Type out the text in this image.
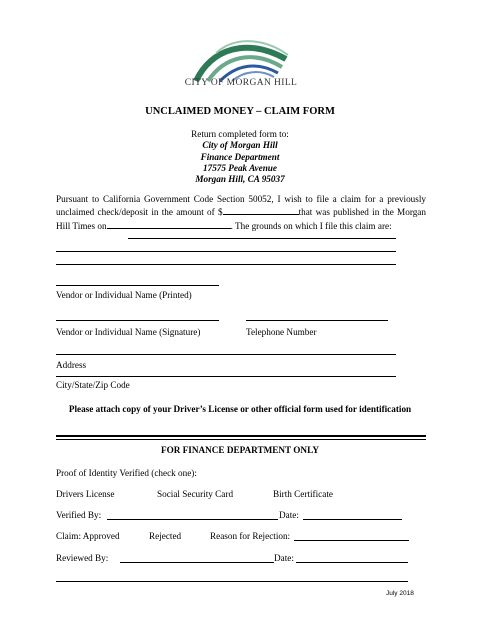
CITY OF MORGAN HILL
UNCLAIMED MONEY – CLAIM FORM
Return completed form to:
City of Morgan Hill
Finance Department
17575 Peak Avenue
Morgan Hill, CA 95037
Pursuant to California Government Code Section 50052, I wish to file a claim for a previously unclaimed check/deposit in the amount of $	that was published in the Morgan Hill Times on	. The grounds on which I file this claim are:
Vendor or Individual Name (Printed)
Vendor or Individual Name (Signature)	Telephone Number
Address
City/State/Zip Code
Please attach copy of your Driver’s License or other official form used for identification
FOR FINANCE DEPARTMENT ONLY
Proof of Identity Verified (check one):
Drivers License	Social Security Card	Birth Certificate
Verified By:	Date:
Claim: Approved	Rejected	Reason for Rejection:
Reviewed By:	Date:
July 2018
